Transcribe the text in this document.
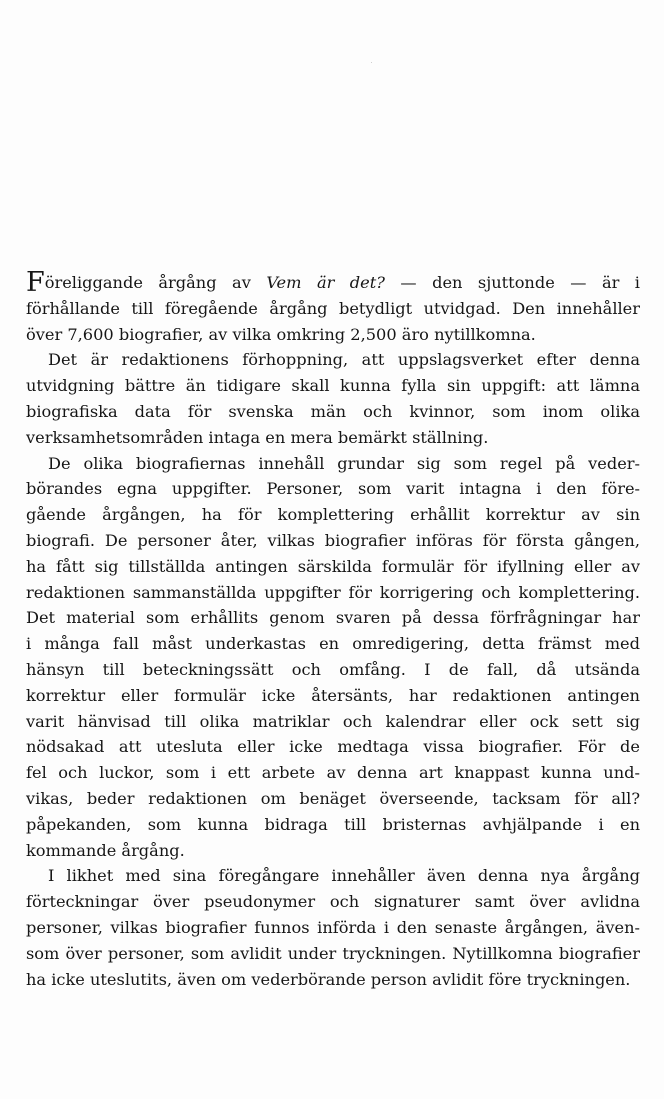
Föreliggande årgång av Vem är det? — den sjuttonde — är i
förhållande till föregående årgång betydligt utvidgad. Den innehåller
över 7,600 biografier, av vilka omkring 2,500 äro nytillkomna.
Det är redaktionens förhoppning, att uppslagsverket efter denna
utvidgning bättre än tidigare skall kunna fylla sin uppgift: att lämna
biografiska data för svenska män och kvinnor, som inom olika
verksamhetsområden intaga en mera bemärkt ställning.
De olika biografiernas innehåll grundar sig som regel på veder-
börandes egna uppgifter. Personer, som varit intagna i den före-
gående årgången, ha för komplettering erhållit korrektur av sin
biografi. De personer åter, vilkas biografier införas för första gången,
ha fått sig tillställda antingen särskilda formulär för ifyllning eller av
redaktionen sammanställda uppgifter för korrigering och komplettering.
Det material som erhållits genom svaren på dessa förfrågningar har
i många fall måst underkastas en omredigering, detta främst med
hänsyn till beteckningssätt och omfång. I de fall, då utsända
korrektur eller formulär icke återsänts, har redaktionen antingen
varit hänvisad till olika matriklar och kalendrar eller ock sett sig
nödsakad att utesluta eller icke medtaga vissa biografier. För de
fel och luckor, som i ett arbete av denna art knappast kunna und-
vikas, beder redaktionen om benäget överseende, tacksam för all?
påpekanden, som kunna bidraga till bristernas avhjälpande i en
kommande årgång.
I likhet med sina föregångare innehåller även denna nya årgång
förteckningar över pseudonymer och signaturer samt över avlidna
personer, vilkas biografier funnos införda i den senaste årgången, även-
som över personer, som avlidit under tryckningen. Nytillkomna biografier
ha icke uteslutits, även om vederbörande person avlidit före tryckningen.
